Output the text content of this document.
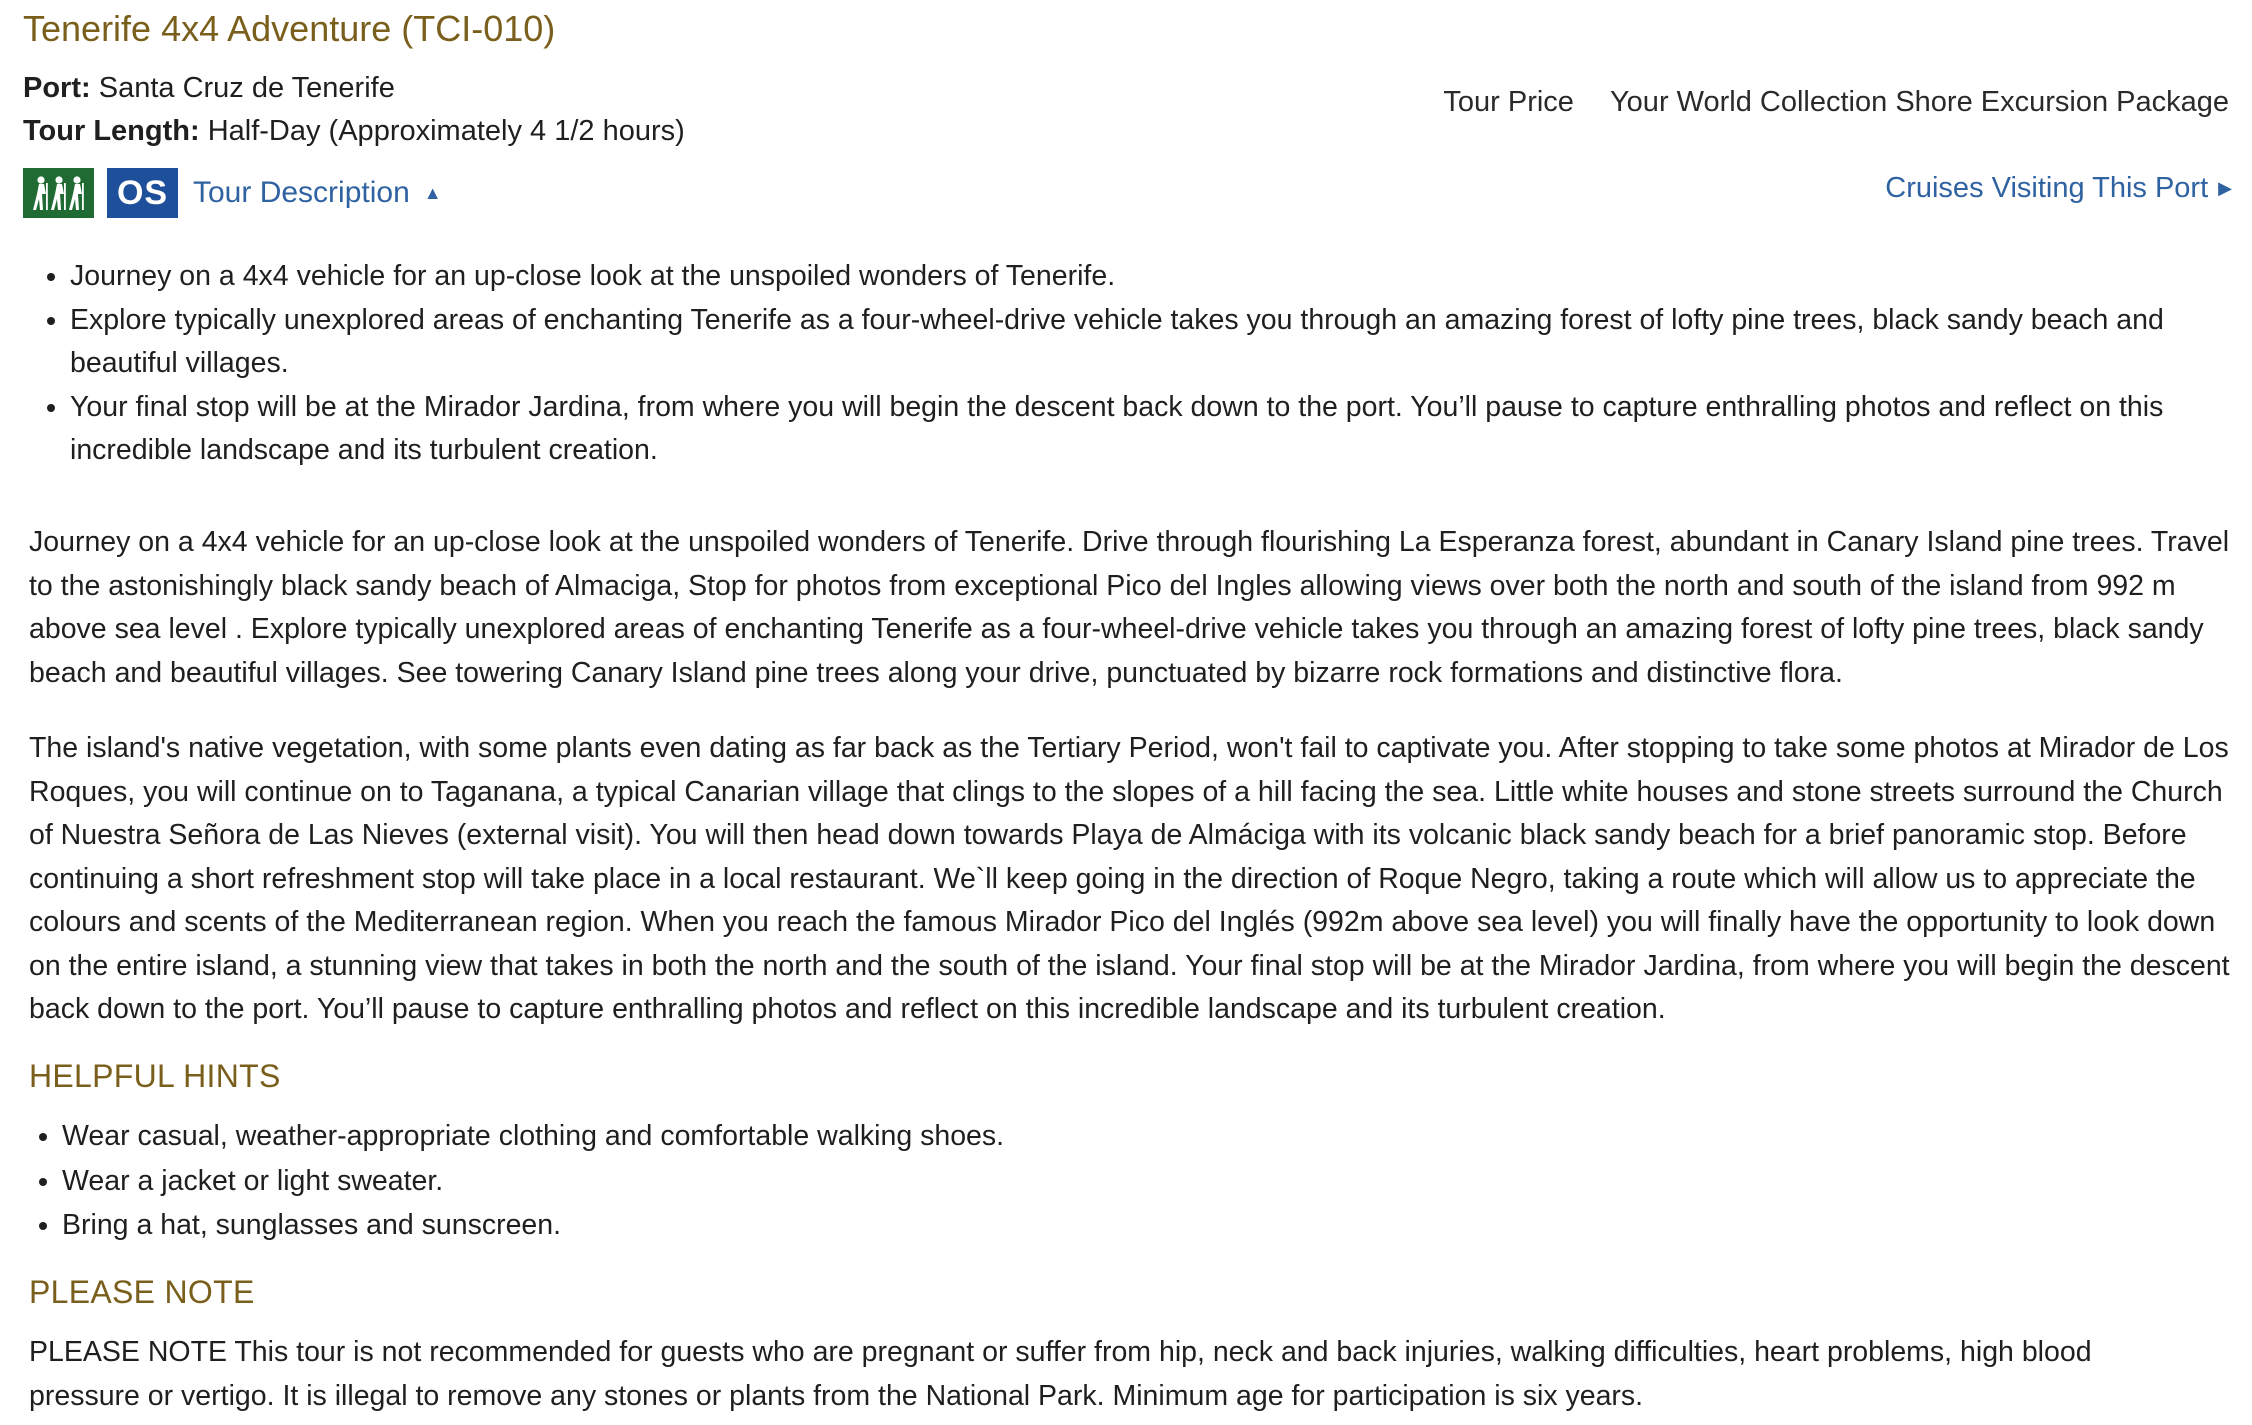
Tenerife 4x4 Adventure (TCI-010)
Port: Santa Cruz de Tenerife
Tour Length: Half-Day (Approximately 4 1/2 hours)
Tour Price Your World Collection Shore Excursion Package
OS Tour Description ▲	Cruises Visiting This Port ▶
• Journey on a 4x4 vehicle for an up-close look at the unspoiled wonders of Tenerife.
• Explore typically unexplored areas of enchanting Tenerife as a four-wheel-drive vehicle takes you through an amazing forest of lofty pine trees, black sandy beach and beautiful villages.
• Your final stop will be at the Mirador Jardina, from where you will begin the descent back down to the port. You’ll pause to capture enthralling photos and reflect on this incredible landscape and its turbulent creation.

Journey on a 4x4 vehicle for an up-close look at the unspoiled wonders of Tenerife. Drive through flourishing La Esperanza forest, abundant in Canary Island pine trees. Travel to the astonishingly black sandy beach of Almaciga, Stop for photos from exceptional Pico del Ingles allowing views over both the north and south of the island from 992 m above sea level . Explore typically unexplored areas of enchanting Tenerife as a four-wheel-drive vehicle takes you through an amazing forest of lofty pine trees, black sandy beach and beautiful villages. See towering Canary Island pine trees along your drive, punctuated by bizarre rock formations and distinctive flora.

The island's native vegetation, with some plants even dating as far back as the Tertiary Period, won't fail to captivate you. After stopping to take some photos at Mirador de Los Roques, you will continue on to Taganana, a typical Canarian village that clings to the slopes of a hill facing the sea. Little white houses and stone streets surround the Church of Nuestra Señora de Las Nieves (external visit). You will then head down towards Playa de Almáciga with its volcanic black sandy beach for a brief panoramic stop. Before continuing a short refreshment stop will take place in a local restaurant. We`ll keep going in the direction of Roque Negro, taking a route which will allow us to appreciate the colours and scents of the Mediterranean region. When you reach the famous Mirador Pico del Inglés (992m above sea level) you will finally have the opportunity to look down on the entire island, a stunning view that takes in both the north and the south of the island. Your final stop will be at the Mirador Jardina, from where you will begin the descent back down to the port. You’ll pause to capture enthralling photos and reflect on this incredible landscape and its turbulent creation.

HELPFUL HINTS
• Wear casual, weather-appropriate clothing and comfortable walking shoes.
• Wear a jacket or light sweater.
• Bring a hat, sunglasses and sunscreen.
PLEASE NOTE

PLEASE NOTE This tour is not recommended for guests who are pregnant or suffer from hip, neck and back injuries, walking difficulties, heart problems, high blood pressure or vertigo. It is illegal to remove any stones or plants from the National Park. Minimum age for participation is six years.
